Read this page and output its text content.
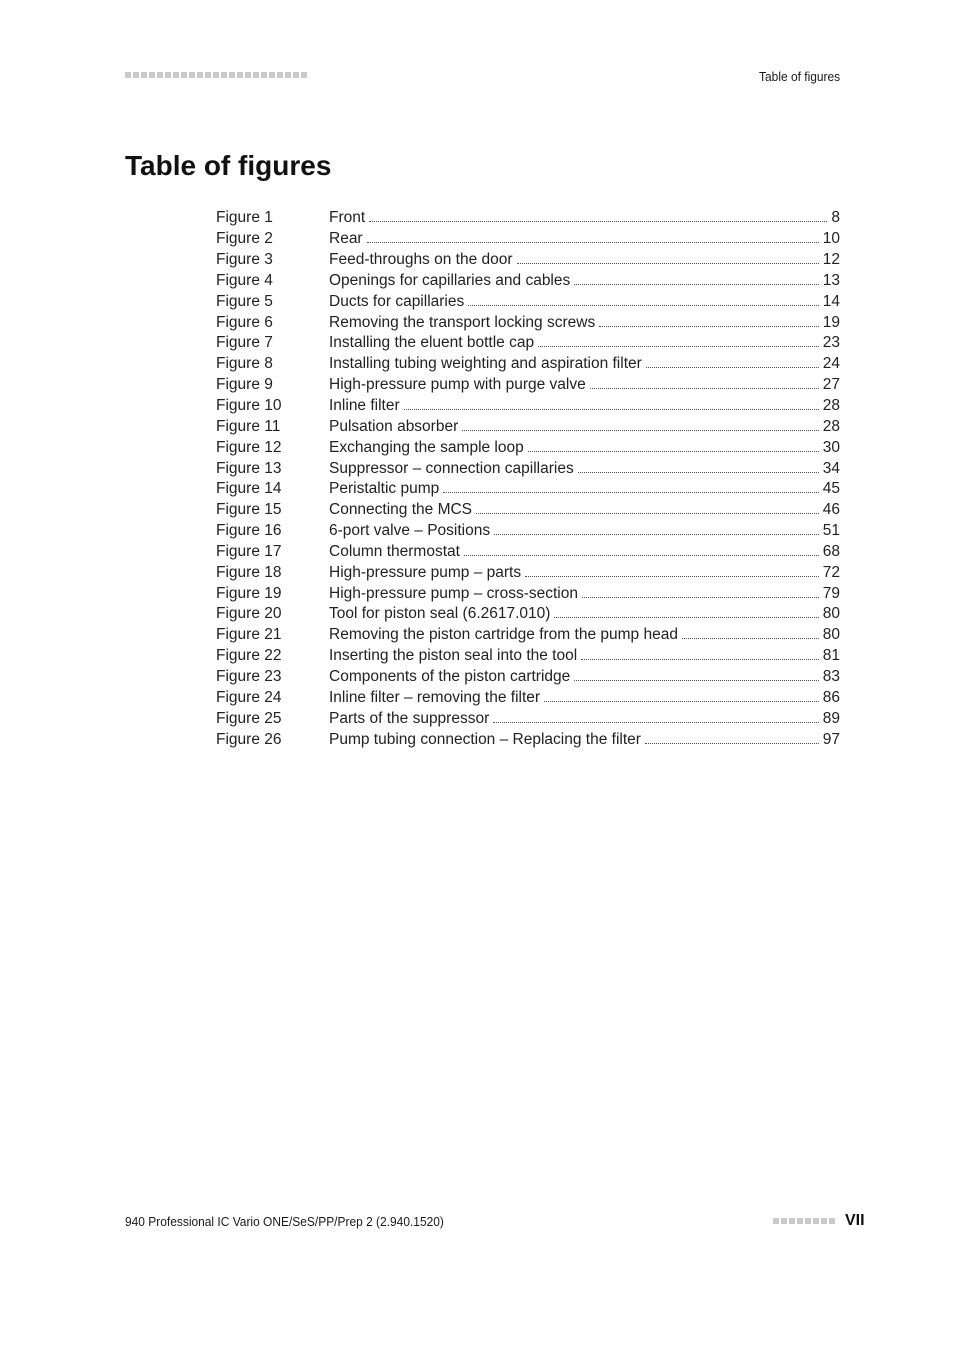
Table of figures
Table of figures
Figure 1	Front	8
Figure 2	Rear	10
Figure 3	Feed-throughs on the door	12
Figure 4	Openings for capillaries and cables	13
Figure 5	Ducts for capillaries	14
Figure 6	Removing the transport locking screws	19
Figure 7	Installing the eluent bottle cap	23
Figure 8	Installing tubing weighting and aspiration filter	24
Figure 9	High-pressure pump with purge valve	27
Figure 10	Inline filter	28
Figure 11	Pulsation absorber	28
Figure 12	Exchanging the sample loop	30
Figure 13	Suppressor – connection capillaries	34
Figure 14	Peristaltic pump	45
Figure 15	Connecting the MCS	46
Figure 16	6-port valve – Positions	51
Figure 17	Column thermostat	68
Figure 18	High-pressure pump – parts	72
Figure 19	High-pressure pump – cross-section	79
Figure 20	Tool for piston seal (6.2617.010)	80
Figure 21	Removing the piston cartridge from the pump head	80
Figure 22	Inserting the piston seal into the tool	81
Figure 23	Components of the piston cartridge	83
Figure 24	Inline filter – removing the filter	86
Figure 25	Parts of the suppressor	89
Figure 26	Pump tubing connection – Replacing the filter	97
940 Professional IC Vario ONE/SeS/PP/Prep 2 (2.940.1520)	VII
